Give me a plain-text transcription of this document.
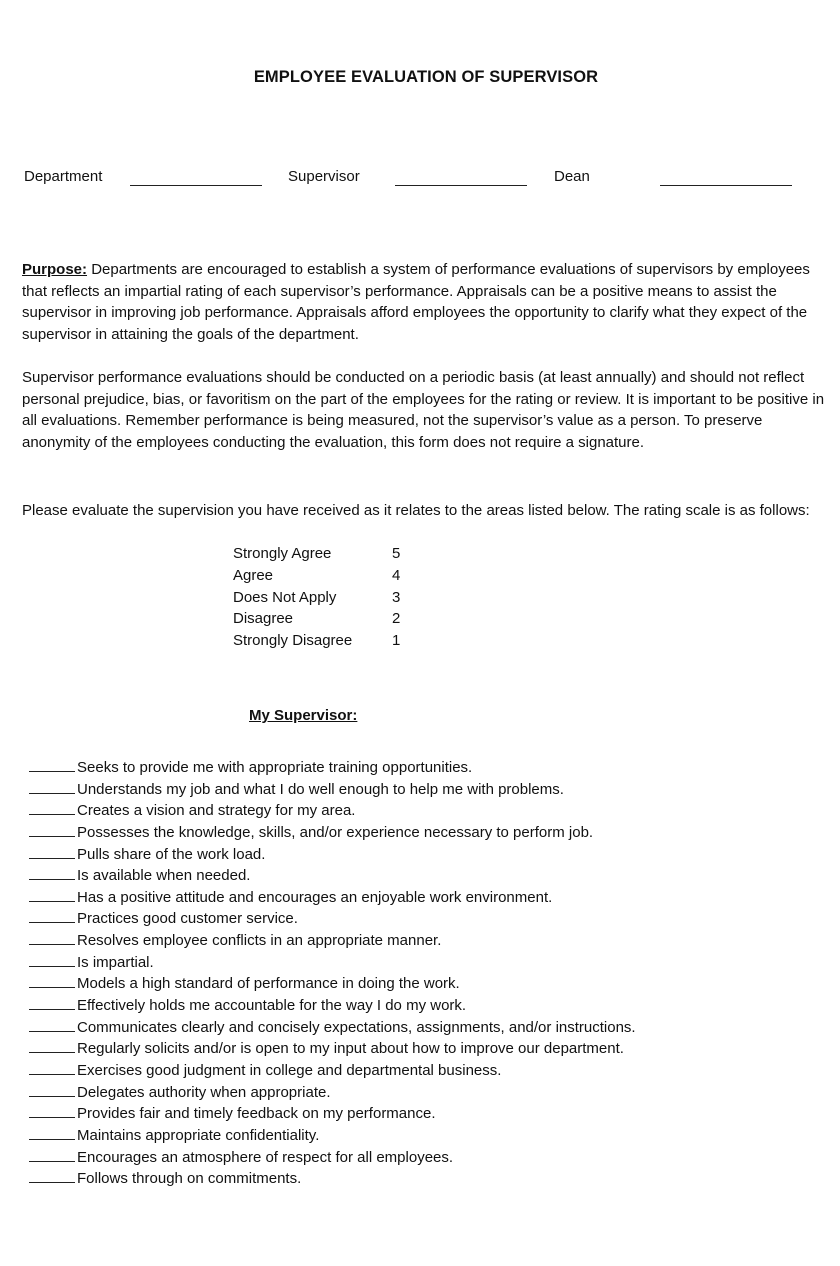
EMPLOYEE EVALUATION OF SUPERVISOR
Department	Supervisor	Dean

Purpose: Departments are encouraged to establish a system of performance evaluations of supervisors by employees that reflects an impartial rating of each supervisor’s performance. Appraisals can be a positive means to assist the supervisor in improving job performance. Appraisals afford employees the opportunity to clarify what they expect of the supervisor in attaining the goals of the department.

Supervisor performance evaluations should be conducted on a periodic basis (at least annually) and should not reflect personal prejudice, bias, or favoritism on the part of the employees for the rating or review. It is important to be positive in all evaluations. Remember performance is being measured, not the supervisor’s value as a person. To preserve anonymity of the employees conducting the evaluation, this form does not require a signature.

Please evaluate the supervision you have received as it relates to the areas listed below. The rating scale is as follows:

Strongly Agree	5
Agree	4
Does Not Apply	3
Disagree	2
Strongly Disagree	1
My Supervisor:
Seeks to provide me with appropriate training opportunities.
Understands my job and what I do well enough to help me with problems.
Creates a vision and strategy for my area.
Possesses the knowledge, skills, and/or experience necessary to perform job.
Pulls share of the work load.
Is available when needed.
Has a positive attitude and encourages an enjoyable work environment.
Practices good customer service.
Resolves employee conflicts in an appropriate manner.
Is impartial.
Models a high standard of performance in doing the work.
Effectively holds me accountable for the way I do my work.
Communicates clearly and concisely expectations, assignments, and/or instructions.
Regularly solicits and/or is open to my input about how to improve our department.
Exercises good judgment in college and departmental business.
Delegates authority when appropriate.
Provides fair and timely feedback on my performance.
Maintains appropriate confidentiality.
Encourages an atmosphere of respect for all employees.
Follows through on commitments.
